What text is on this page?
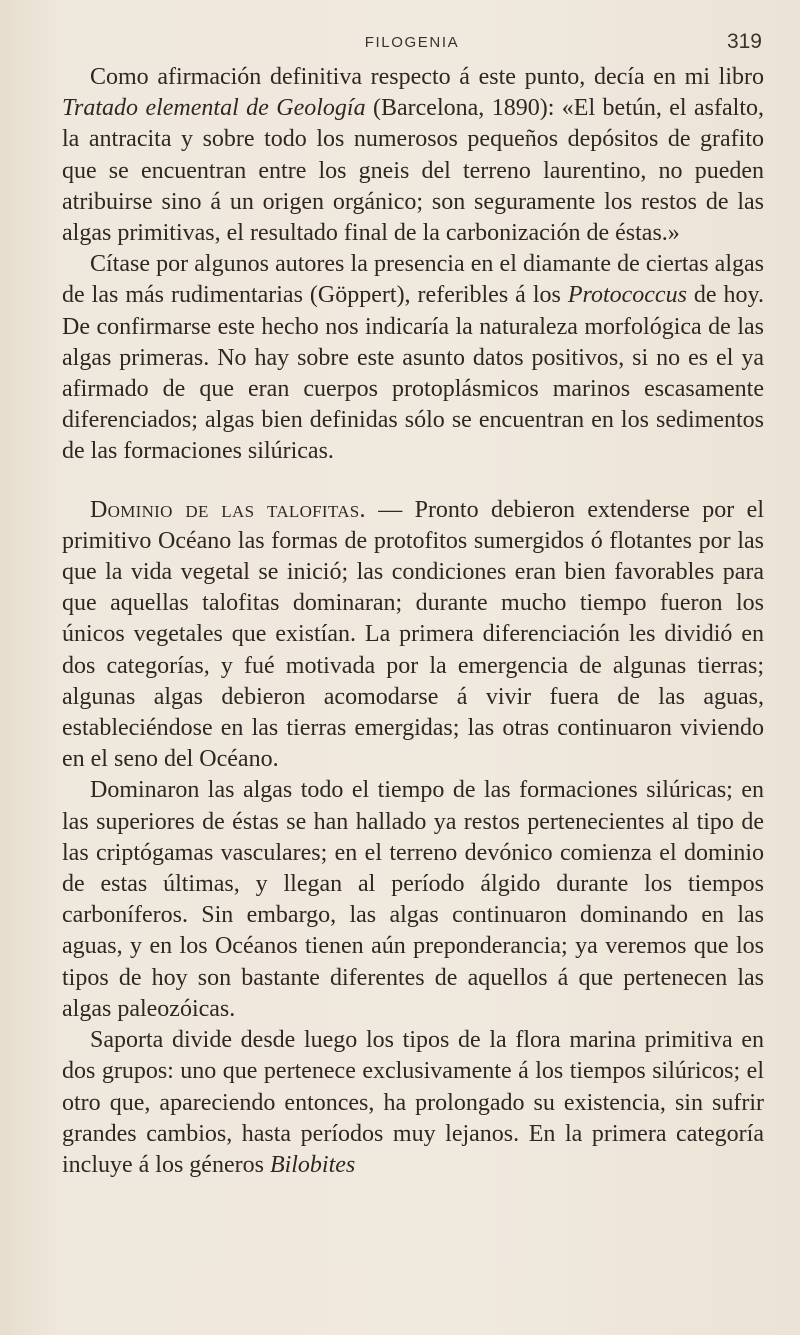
FILOGENIA	319

Como afirmación definitiva respecto á este punto, decía en mi libro Tratado elemental de Geología (Barcelona, 1890): «El betún, el asfalto, la antracita y sobre todo los numerosos pequeños depósitos de grafito que se encuentran entre los gneis del terreno laurentino, no pueden atribuirse sino á un origen orgánico; son seguramente los restos de las algas primitivas, el resultado final de la carbonización de éstas.»

Cítase por algunos autores la presencia en el diamante de ciertas algas de las más rudimentarias (Göppert), referibles á los Protococcus de hoy. De confirmarse este hecho nos indicaría la naturaleza morfológica de las algas primeras. No hay sobre este asunto datos positivos, si no es el ya afirmado de que eran cuerpos protoplásmicos marinos escasamente diferenciados; algas bien definidas sólo se encuentran en los sedimentos de las formaciones silúricas.

Dominio de las talofitas. — Pronto debieron extenderse por el primitivo Océano las formas de protofitos sumergidos ó flotantes por las que la vida vegetal se inició; las condiciones eran bien favorables para que aquellas talofitas dominaran; durante mucho tiempo fueron los únicos vegetales que existían. La primera diferenciación les dividió en dos categorías, y fué motivada por la emergencia de algunas tierras; algunas algas debieron acomodarse á vivir fuera de las aguas, estableciéndose en las tierras emergidas; las otras continuaron viviendo en el seno del Océano.

Dominaron las algas todo el tiempo de las formaciones silúricas; en las superiores de éstas se han hallado ya restos pertenecientes al tipo de las criptógamas vasculares; en el terreno devónico comienza el dominio de estas últimas, y llegan al período álgido durante los tiempos carboníferos. Sin embargo, las algas continuaron dominando en las aguas, y en los Océanos tienen aún preponderancia; ya veremos que los tipos de hoy son bastante diferentes de aquellos á que pertenecen las algas paleozóicas.

Saporta divide desde luego los tipos de la flora marina primitiva en dos grupos: uno que pertenece exclusivamente á los tiempos silúricos; el otro que, apareciendo entonces, ha prolongado su existencia, sin sufrir grandes cambios, hasta períodos muy lejanos. En la primera categoría incluye á los géneros Bilobites
